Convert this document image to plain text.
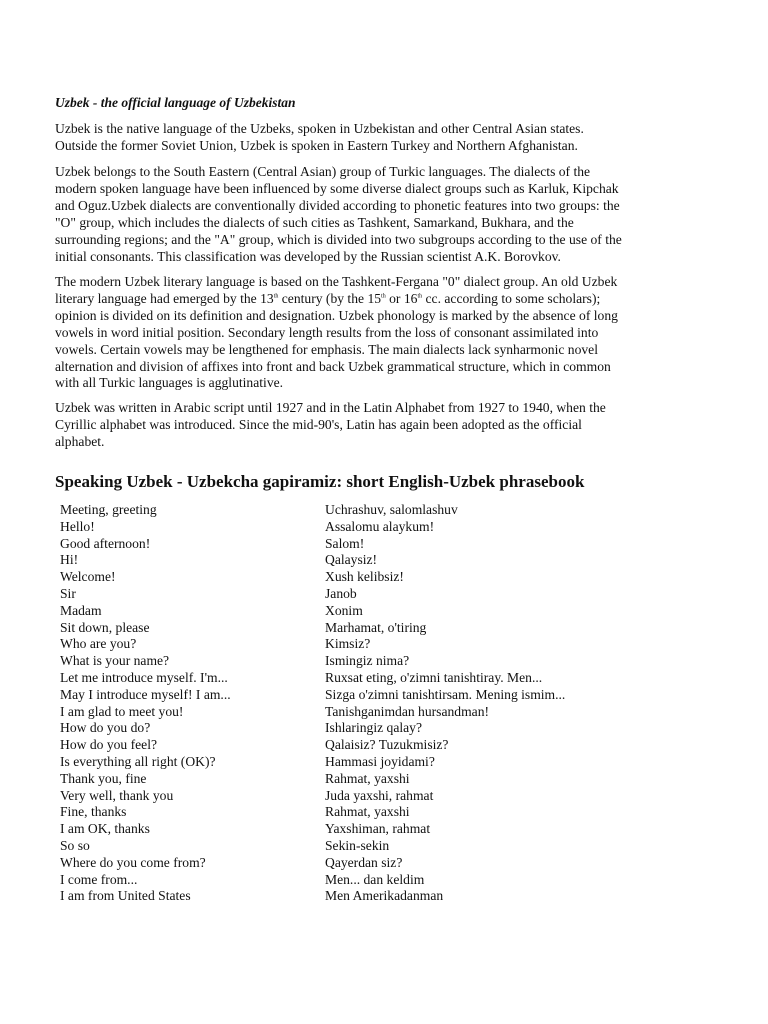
Uzbek - the official language of Uzbekistan

Uzbek is the native language of the Uzbeks, spoken in Uzbekistan and other Central Asian states.
Outside the former Soviet Union, Uzbek is spoken in Eastern Turkey and Northern Afghanistan.

Uzbek belongs to the South Eastern (Central Asian) group of Turkic languages. The dialects of the
modern spoken language have been influenced by some diverse dialect groups such as Karluk, Kipchak
and Oguz.Uzbek dialects are conventionally divided according to phonetic features into two groups: the
"O" group, which includes the dialects of such cities as Tashkent, Samarkand, Bukhara, and the
surrounding regions; and the "A" group, which is divided into two subgroups according to the use of the
initial consonants. This classification was developed by the Russian scientist A.K. Borovkov.

The modern Uzbek literary language is based on the Tashkent-Fergana "0" dialect group. An old Uzbek
literary language had emerged by the 13th century (by the 15th or 16th cc. according to some scholars);
opinion is divided on its definition and designation. Uzbek phonology is marked by the absence of long
vowels in word initial position. Secondary length results from the loss of consonant assimilated into
vowels. Certain vowels may be lengthened for emphasis. The main dialects lack synharmonic novel
alternation and division of affixes into front and back Uzbek grammatical structure, which in common
with all Turkic languages is agglutinative.

Uzbek was written in Arabic script until 1927 and in the Latin Alphabet from 1927 to 1940, when the
Cyrillic alphabet was introduced. Since the mid-90's, Latin has again been adopted as the official
alphabet.

Speaking Uzbek - Uzbekcha gapiramiz: short English-Uzbek phrasebook
Meeting, greeting	Uchrashuv, salomlashuv
Hello!	Assalomu alaykum!
Good afternoon!	Salom!
Hi!	Qalaysiz!
Welcome!	Xush kelibsiz!
Sir	Janob
Madam	Xonim
Sit down, please	Marhamat, o'tiring
Who are you?	Kimsiz?
What is your name?	Ismingiz nima?
Let me introduce myself. I'm...	Ruxsat eting, o'zimni tanishtiray. Men...
May I introduce myself! I am...	Sizga o'zimni tanishtirsam. Mening ismim...
I am glad to meet you!	Tanishganimdan hursandman!
How do you do?	Ishlaringiz qalay?
How do you feel?	Qalaisiz? Tuzukmisiz?
Is everything all right (OK)?	Hammasi joyidami?
Thank you, fine	Rahmat, yaxshi
Very well, thank you	Juda yaxshi, rahmat
Fine, thanks	Rahmat, yaxshi
I am OK, thanks	Yaxshiman, rahmat
So so	Sekin-sekin
Where do you come from?	Qayerdan siz?
I come from...	Men... dan keldim
I am from United States	Men Amerikadanman
